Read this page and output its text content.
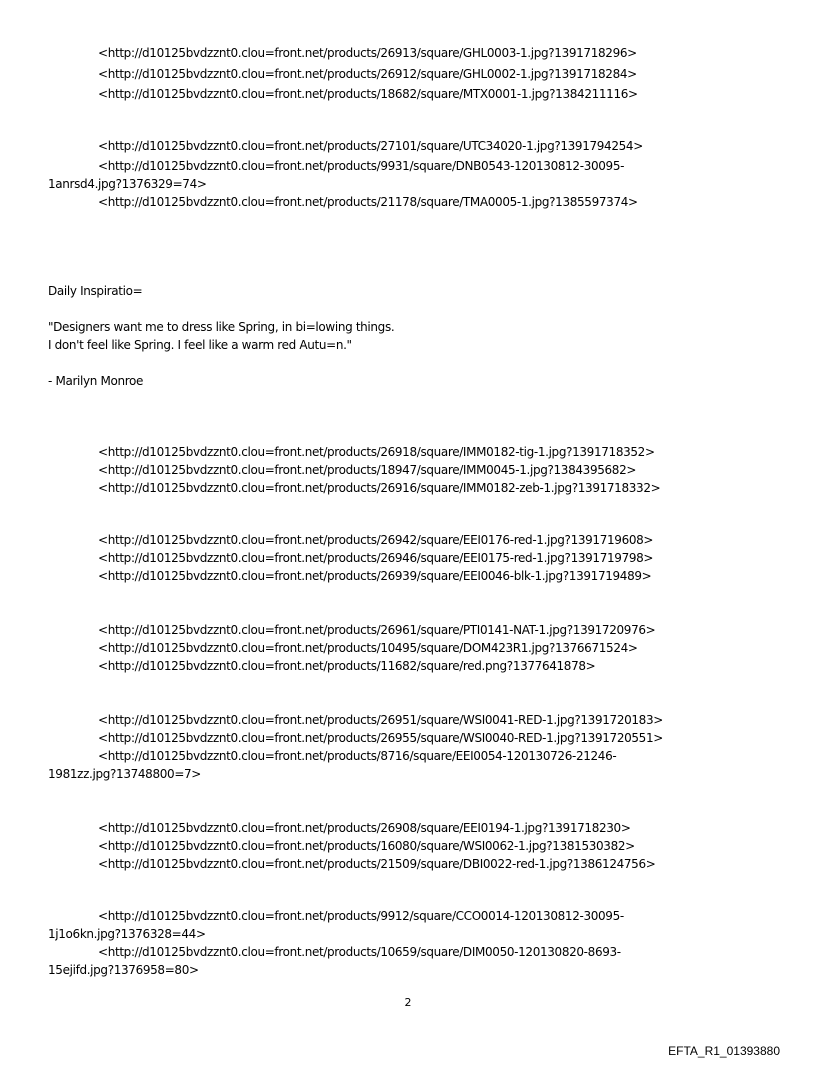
<http://d10125bvdzznt0.clou=front.net/products/26913/square/GHL0003-1.jpg?1391718296>
<http://d10125bvdzznt0.clou=front.net/products/26912/square/GHL0002-1.jpg?1391718284>
<http://d10125bvdzznt0.clou=front.net/products/18682/square/MTX0001-1.jpg?1384211116>
<http://d10125bvdzznt0.clou=front.net/products/27101/square/UTC34020-1.jpg?1391794254>
<http://d10125bvdzznt0.clou=front.net/products/9931/square/DNB0543-120130812-30095-
1anrsd4.jpg?1376329=74>
<http://d10125bvdzznt0.clou=front.net/products/21178/square/TMA0005-1.jpg?1385597374>
Daily Inspiratio=
"Designers want me to dress like Spring, in bi=lowing things.
I don't feel like Spring. I feel like a warm red Autu=n."
- Marilyn Monroe
<http://d10125bvdzznt0.clou=front.net/products/26918/square/IMM0182-tig-1.jpg?1391718352>
<http://d10125bvdzznt0.clou=front.net/products/18947/square/IMM0045-1.jpg?1384395682>
<http://d10125bvdzznt0.clou=front.net/products/26916/square/IMM0182-zeb-1.jpg?1391718332>
<http://d10125bvdzznt0.clou=front.net/products/26942/square/EEI0176-red-1.jpg?1391719608>
<http://d10125bvdzznt0.clou=front.net/products/26946/square/EEI0175-red-1.jpg?1391719798>
<http://d10125bvdzznt0.clou=front.net/products/26939/square/EEI0046-blk-1.jpg?1391719489>
<http://d10125bvdzznt0.clou=front.net/products/26961/square/PTI0141-NAT-1.jpg?1391720976>
<http://d10125bvdzznt0.clou=front.net/products/10495/square/DOM423R1.jpg?1376671524>
<http://d10125bvdzznt0.clou=front.net/products/11682/square/red.png?1377641878>
<http://d10125bvdzznt0.clou=front.net/products/26951/square/WSI0041-RED-1.jpg?1391720183>
<http://d10125bvdzznt0.clou=front.net/products/26955/square/WSI0040-RED-1.jpg?1391720551>
<http://d10125bvdzznt0.clou=front.net/products/8716/square/EEI0054-120130726-21246-
1981zz.jpg?13748800=7>
<http://d10125bvdzznt0.clou=front.net/products/26908/square/EEI0194-1.jpg?1391718230>
<http://d10125bvdzznt0.clou=front.net/products/16080/square/WSI0062-1.jpg?1381530382>
<http://d10125bvdzznt0.clou=front.net/products/21509/square/DBI0022-red-1.jpg?1386124756>
<http://d10125bvdzznt0.clou=front.net/products/9912/square/CCO0014-120130812-30095-
1j1o6kn.jpg?1376328=44>
<http://d10125bvdzznt0.clou=front.net/products/10659/square/DIM0050-120130820-8693-
15ejifd.jpg?1376958=80>
2
EFTA_R1_01393880
